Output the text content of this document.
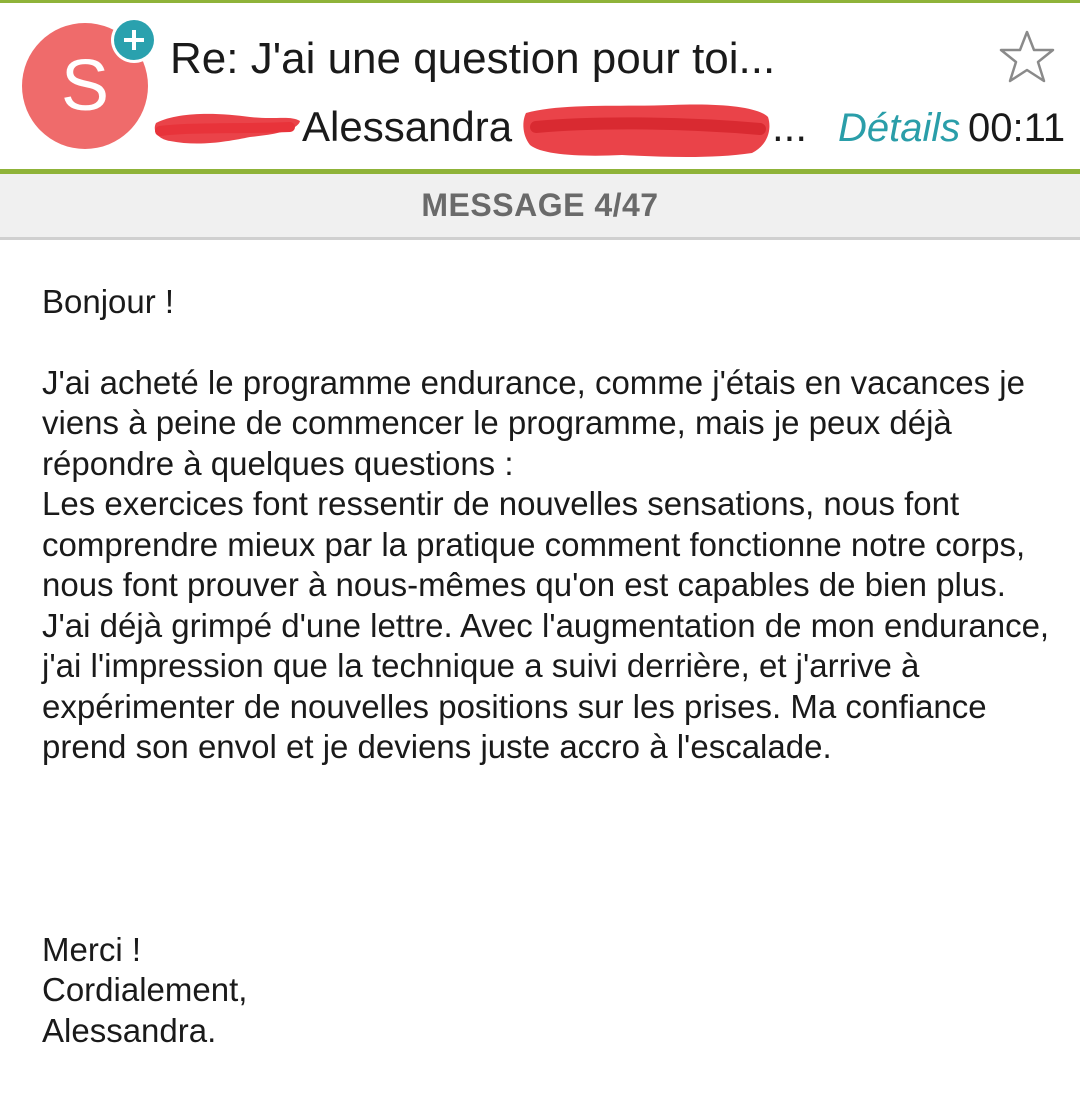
S Re: J'ai une question pour toi...
Alessandra	... Détails 00:11
MESSAGE 4/47

Bonjour !

J'ai acheté le programme endurance, comme j'étais en vacances je viens à peine de commencer le programme, mais je peux déjà répondre à quelques questions :

Les exercices font ressentir de nouvelles sensations, nous font comprendre mieux par la pratique comment fonctionne notre corps, nous font prouver à nous-mêmes qu'on est capables de bien plus. J'ai déjà grimpé d'une lettre. Avec l'augmentation de mon endurance, j'ai l'impression que la technique a suivi derrière, et j'arrive à expérimenter de nouvelles positions sur les prises. Ma confiance prend son envol et je deviens juste accro à l'escalade.

Merci !

Cordialement,

Alessandra.
